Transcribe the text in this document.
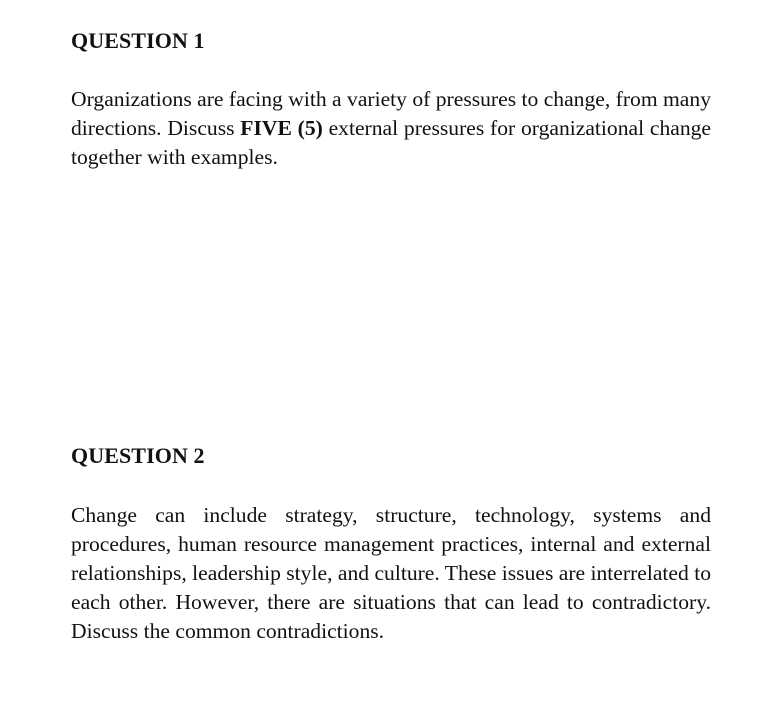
QUESTION 1

Organizations are facing with a variety of pressures to change, from many directions. Discuss FIVE (5) external pressures for organizational change together with examples.

QUESTION 2

Change can include strategy, structure, technology, systems and procedures, human resource management practices, internal and external relationships, leadership style, and culture. These issues are interrelated to each other. However, there are situations that can lead to contradictory. Discuss the common contradictions.
